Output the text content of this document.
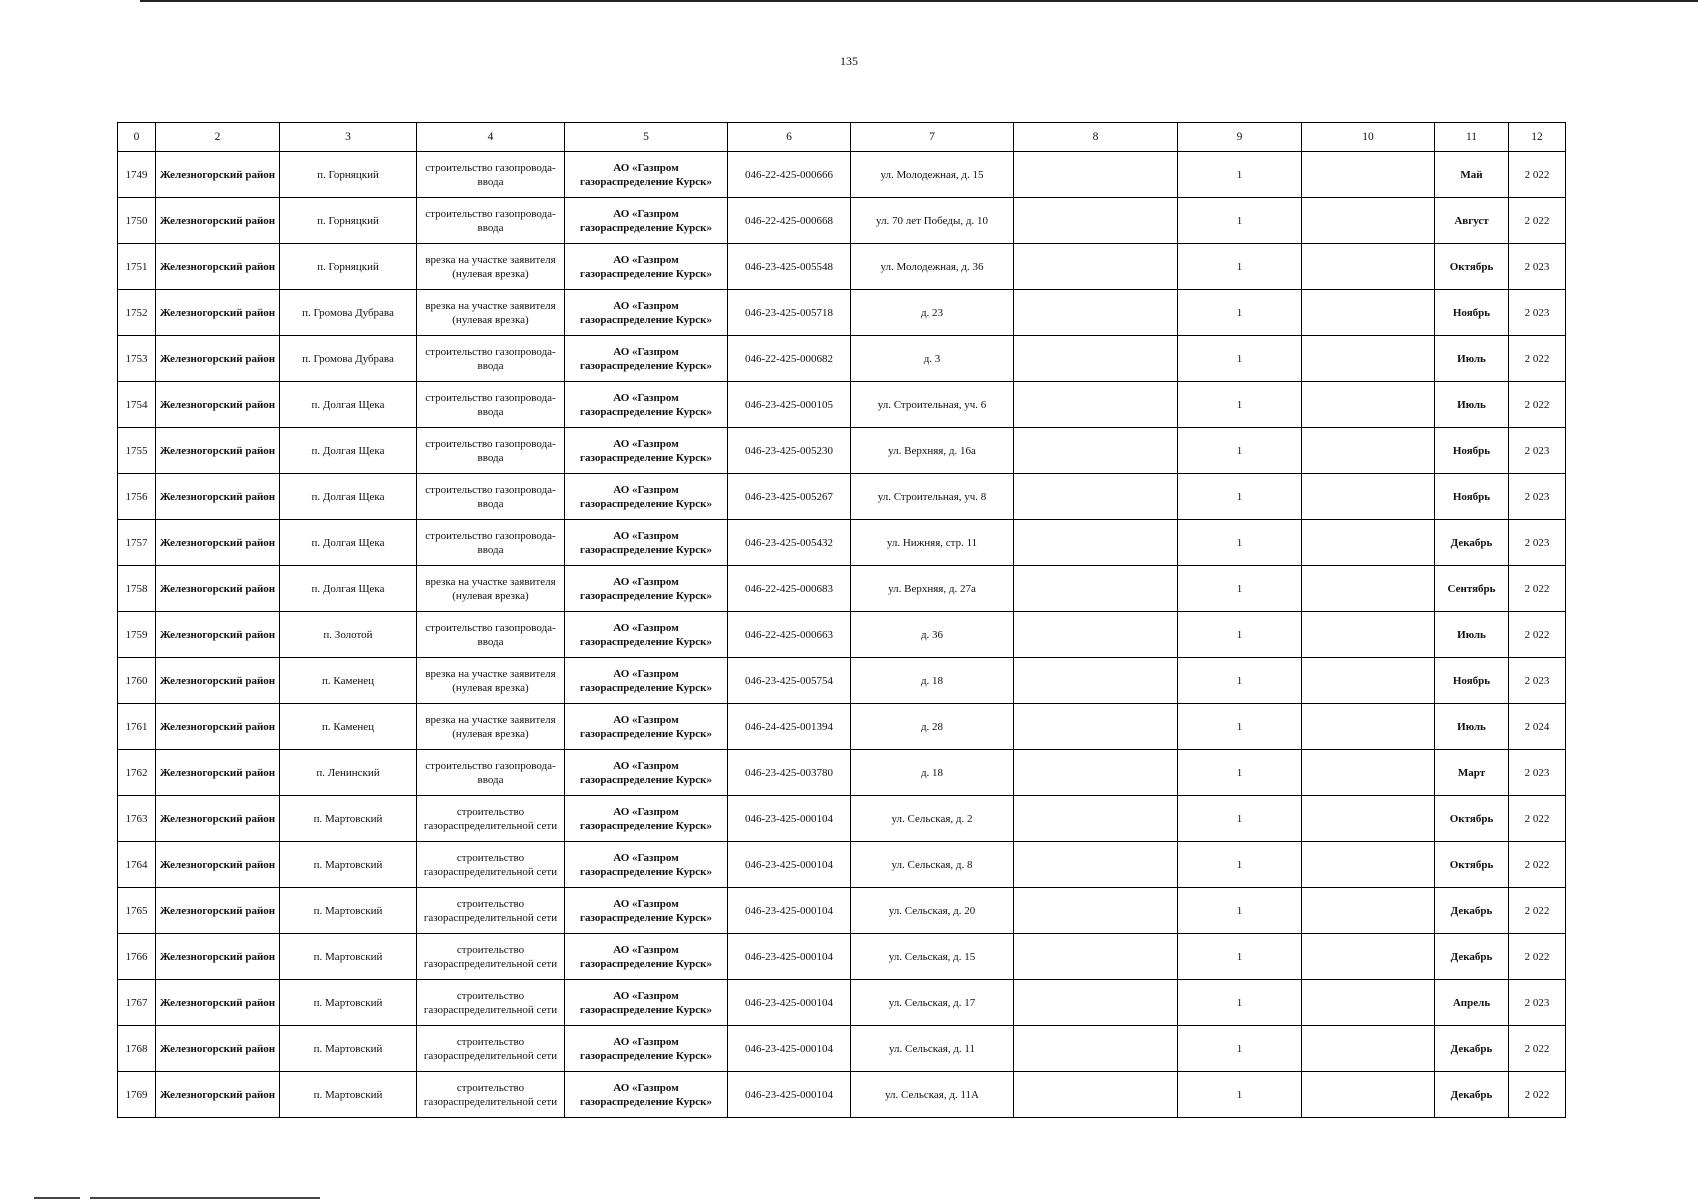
135
0	2	3	4	5	6	7	8	9	10	11	12
1749	Железногорский район	п. Горняцкий	строительство газопровода-ввода	АО «Газпром газораспределение Курск»	046-22-425-000666	ул. Молодежная, д. 15		1		Май	2 022
1750	Железногорский район	п. Горняцкий	строительство газопровода-ввода	АО «Газпром газораспределение Курск»	046-22-425-000668	ул. 70 лет Победы, д. 10		1		Август	2 022
1751	Железногорский район	п. Горняцкий	врезка на участке заявителя (нулевая врезка)	АО «Газпром газораспределение Курск»	046-23-425-005548	ул. Молодежная, д. 36		1		Октябрь	2 023
1752	Железногорский район	п. Громова Дубрава	врезка на участке заявителя (нулевая врезка)	АО «Газпром газораспределение Курск»	046-23-425-005718	д. 23		1		Ноябрь	2 023
1753	Железногорский район	п. Громова Дубрава	строительство газопровода-ввода	АО «Газпром газораспределение Курск»	046-22-425-000682	д. 3		1		Июль	2 022
1754	Железногорский район	п. Долгая Щека	строительство газопровода-ввода	АО «Газпром газораспределение Курск»	046-23-425-000105	ул. Строительная, уч. 6		1		Июль	2 022
1755	Железногорский район	п. Долгая Щека	строительство газопровода-ввода	АО «Газпром газораспределение Курск»	046-23-425-005230	ул. Верхняя, д. 16а		1		Ноябрь	2 023
1756	Железногорский район	п. Долгая Щека	строительство газопровода-ввода	АО «Газпром газораспределение Курск»	046-23-425-005267	ул. Строительная, уч. 8		1		Ноябрь	2 023
1757	Железногорский район	п. Долгая Щека	строительство газопровода-ввода	АО «Газпром газораспределение Курск»	046-23-425-005432	ул. Нижняя, стр. 11		1		Декабрь	2 023
1758	Железногорский район	п. Долгая Щека	врезка на участке заявителя (нулевая врезка)	АО «Газпром газораспределение Курск»	046-22-425-000683	ул. Верхняя, д. 27а		1		Сентябрь	2 022
1759	Железногорский район	п. Золотой	строительство газопровода-ввода	АО «Газпром газораспределение Курск»	046-22-425-000663	д. 36		1		Июль	2 022
1760	Железногорский район	п. Каменец	врезка на участке заявителя (нулевая врезка)	АО «Газпром газораспределение Курск»	046-23-425-005754	д. 18		1		Ноябрь	2 023
1761	Железногорский район	п. Каменец	врезка на участке заявителя (нулевая врезка)	АО «Газпром газораспределение Курск»	046-24-425-001394	д. 28		1		Июль	2 024
1762	Железногорский район	п. Ленинский	строительство газопровода-ввода	АО «Газпром газораспределение Курск»	046-23-425-003780	д. 18		1		Март	2 023
1763	Железногорский район	п. Мартовский	строительство газораспределительной сети	АО «Газпром газораспределение Курск»	046-23-425-000104	ул. Сельская, д. 2		1		Октябрь	2 022
1764	Железногорский район	п. Мартовский	строительство газораспределительной сети	АО «Газпром газораспределение Курск»	046-23-425-000104	ул. Сельская, д. 8		1		Октябрь	2 022
1765	Железногорский район	п. Мартовский	строительство газораспределительной сети	АО «Газпром газораспределение Курск»	046-23-425-000104	ул. Сельская, д. 20		1		Декабрь	2 022
1766	Железногорский район	п. Мартовский	строительство газораспределительной сети	АО «Газпром газораспределение Курск»	046-23-425-000104	ул. Сельская, д. 15		1		Декабрь	2 022
1767	Железногорский район	п. Мартовский	строительство газораспределительной сети	АО «Газпром газораспределение Курск»	046-23-425-000104	ул. Сельская, д. 17		1		Апрель	2 023
1768	Железногорский район	п. Мартовский	строительство газораспределительной сети	АО «Газпром газораспределение Курск»	046-23-425-000104	ул. Сельская, д. 11		1		Декабрь	2 022
1769	Железногорский район	п. Мартовский	строительство газораспределительной сети	АО «Газпром газораспределение Курск»	046-23-425-000104	ул. Сельская, д. 11А		1		Декабрь	2 022
